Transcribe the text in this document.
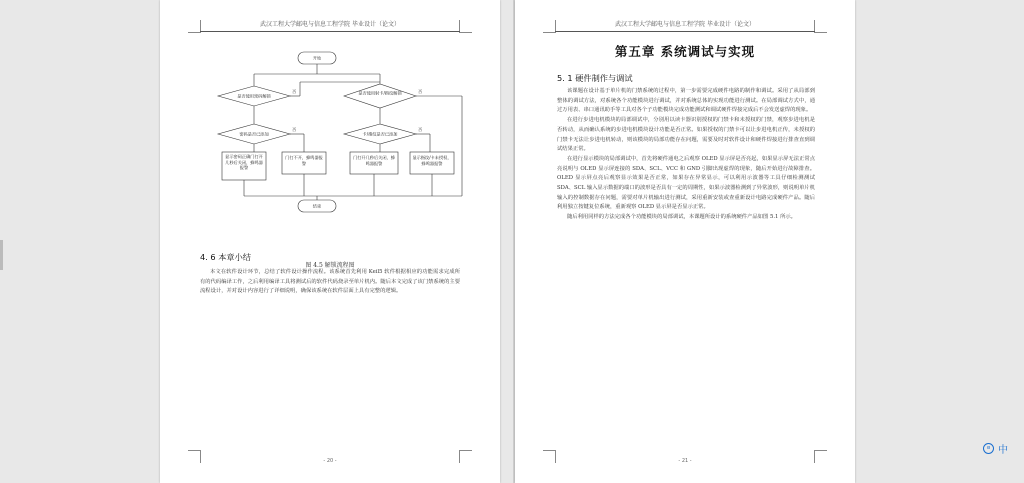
武汉工程大学邮电与信息工程学院 毕业设计（论文）
开始
是否使用密码解锁
是否使用射卡/指纹解锁
密码是否已添加	卡/指纹是否已添加
否	否
否	否
显示密码正确门打开几秒后关闭，蜂鸣器报警
门打不开，蜂鸣器报警
门打开几秒后关闭，蜂鸣器报警
显示指纹/卡未授权，蜂鸣器报警
结束
图 4.5 解锁流程图
4. 6 本章小结

本文在软件设计环节，总结了软件设计操作流程。该系统首先利用 Keil5 软件根据相应的功能需求完成所有的代码编译工作，之后利用编译工具将测试后的软件代码烧录至单片机内。随后本文完成了该门禁系统的主要流程设计，并对设计内容进行了详细说明，确保该系统在软件层面上具有完整的逻辑。

- 20 -
武汉工程大学邮电与信息工程学院 毕业设计（论文）
第五章 系统调试与实现
5. 1 硬件制作与调试

该课题在设计基于单片机的门禁系统的过程中，第一步需要完成硬件电路的制作和调试。采用了从局部到整体的调试方法，对系统各个功能模块进行调试，并对系统总体的实现功能进行测试。在局部调试方式中，通过万用表、串口通讯助手等工具对各个子功能模块完成功能测试和调试硬件焊接完成后不会发送虚焊的现象。

在进行步进电机模块的局部调试中，分别用以读卡器识别授权的门禁卡和未授权的门禁，观察步进电机是否转动，从而确认系统的步进电机模块设计功能是否正常。如果授权的门禁卡可以让步进电机正传，未授权的门禁卡无法让步进电机转动，则该模块的局部功能存在问题，需要及时对软件设计和硬件焊接进行排查直到调试结果正常。

在进行显示模块的局部调试中，首先将硬件通电之后观察 OLED 显示屏是否亮起，如果显示屏无法正常点亮说明与 OLED 显示屏连接的 SDA、SCL、VCC 和 GND 引脚出现虚焊的现象，随后开始进行故障排查。OLED 显示屏点亮后观察显示效果是否正常，如果存在异常显示，可以利用示波器等工具仔细检测测试 SDA、SCL 输入显示数据的端口的波形是否具有一定的周期性，如果示波器检测到了异常波形，则说明单片机输入的控制数据存在问题，需要对单片机输出进行测试，采用重新安装或查重新设计电路完成硬件产品。随后利用独立按键复位系统，重新观察 OLED 显示屏是否显示正常。

随后利用同样的方法完成各个功能模块的局部调试，本课题所设计的系统硬件产品如图 5.1 所示。

- 21 -
ɞ 中
